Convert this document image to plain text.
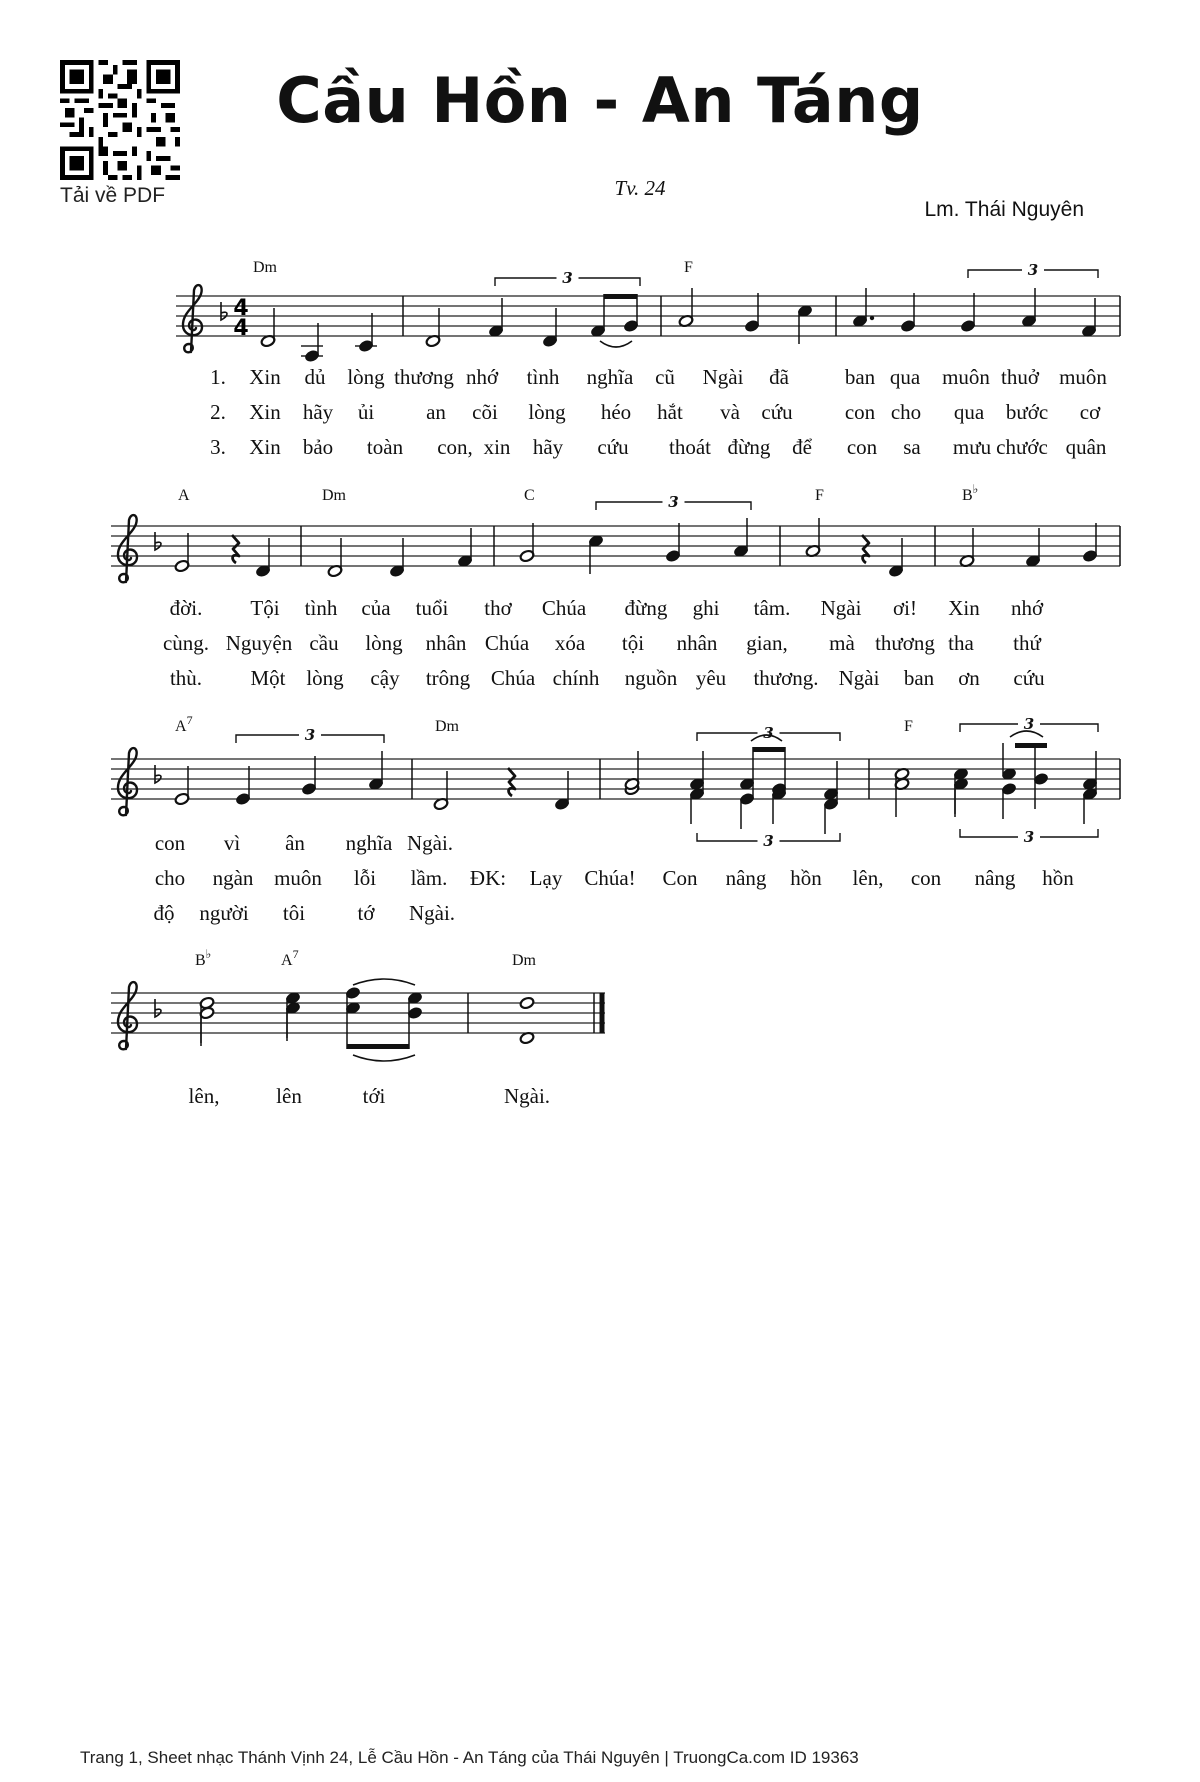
Tải về PDF
Cầu Hồn - An Táng
Tv. 24
Lm. Thái Nguyên
4
4
3	3
Dm	F
1. Xin dủ lòng thương nhớ tình nghĩa cũ Ngài đã	ban qua muôn thuở muôn
2. Xin hãy ủi an cõi lòng héo hắt và cứu con cho qua bước cơ
3. Xin bảo toàn con, xin hãy cứu thoát đừng để con sa mưu chước quân
3
A	Dm	C	F	B♭
đời. Tội tình của tuổi thơ Chúa đừng ghi tâm. Ngài ơi! Xin nhớ
cùng. Nguyện cầu lòng nhân Chúa xóa tội nhân gian, mà thương tha thứ
thù. Một lòng cậy trông Chúa chính nguồn yêu thương. Ngài ban ơn cứu
3	3
3
3
3
$A^7$	Dm	F
con vì ân nghĩa Ngài.
cho ngàn muôn lỗi lầm. ĐK: Lạy Chúa! Con nâng hồn lên, con nâng hồn
độ người tôi tớ Ngài.
B♭	$A^7$	Dm
lên,	lên	tới	Ngài.
Trang 1, Sheet nhạc Thánh Vịnh 24, Lễ Cầu Hồn - An Táng của Thái Nguyên | TruongCa.com ID 19363
